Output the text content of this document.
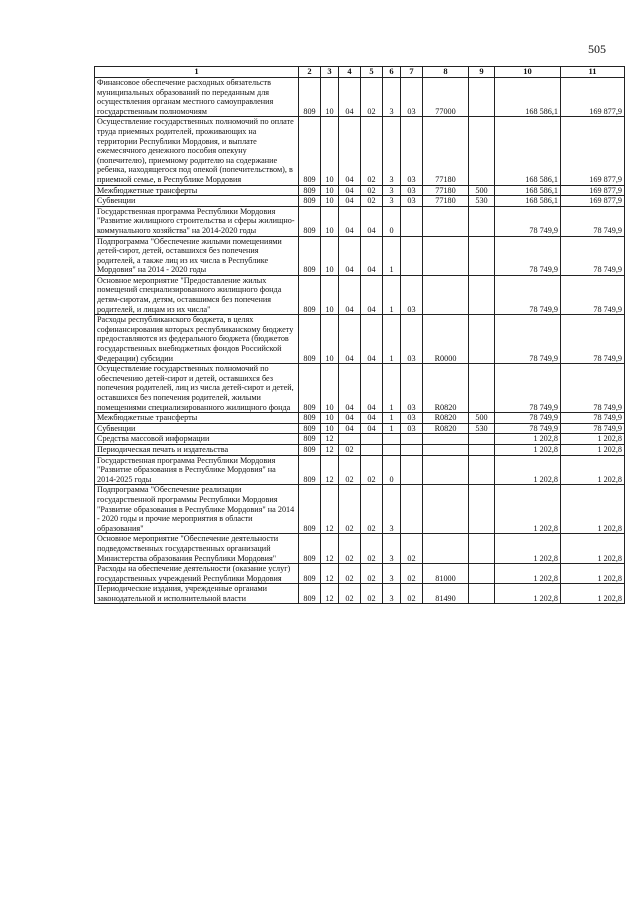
505
1	2	3	4	5	6	7	8	9	10	11
Финансовое обеспечение расходных обязательств муниципальных образований по переданным для осуществления органам местного самоуправления государственным полномочиям	809	10	04	02	3	03	77000		168 586,1	169 877,9
Осуществление государственных полномочий по оплате труда приемных родителей, проживающих на территории Республики Мордовия, и выплате ежемесячного денежного пособия опекуну (попечителю), приемному родителю на содержание ребенка, находящегося под опекой (попечительством), в приемной семье, в Республике Мордовия	809	10	04	02	3	03	77180		168 586,1	169 877,9
Межбюджетные трансферты	809	10	04	02	3	03	77180	500	168 586,1	169 877,9
Субвенции	809	10	04	02	3	03	77180	530	168 586,1	169 877,9
Государственная программа Республики Мордовия "Развитие жилищного строительства и сферы жилищно-коммунального хозяйства" на 2014-2020 годы	809	10	04	04	0				78 749,9	78 749,9
Подпрограмма "Обеспечение жилыми помещениями детей-сирот, детей, оставшихся без попечения родителей, а также лиц из их числа в Республике Мордовия" на 2014 - 2020 годы	809	10	04	04	1				78 749,9	78 749,9
Основное мероприятие "Предоставление жилых помещений специализированного жилищного фонда детям-сиротам, детям, оставшимся без попечения родителей, и лицам из их числа"	809	10	04	04	1	03			78 749,9	78 749,9
Расходы республиканского бюджета, в целях софинансирования которых республиканскому бюджету предоставляются из федерального бюджета (бюджетов государственных внебюджетных фондов Российской Федерации) субсидии	809	10	04	04	1	03	R0000		78 749,9	78 749,9
Осуществление государственных полномочий по обеспечению детей-сирот и детей, оставшихся без попечения родителей, лиц из числа детей-сирот и детей, оставшихся без попечения родителей, жилыми помещениями специализированного жилищного фонда	809	10	04	04	1	03	R0820		78 749,9	78 749,9
Межбюджетные трансферты	809	10	04	04	1	03	R0820	500	78 749,9	78 749,9
Субвенции	809	10	04	04	1	03	R0820	530	78 749,9	78 749,9
Средства массовой информации	809	12							1 202,8	1 202,8
Периодическая печать и издательства	809	12	02						1 202,8	1 202,8
Государственная программа Республики Мордовия "Развитие образования в Республике Мордовия" на 2014-2025 годы	809	12	02	02	0				1 202,8	1 202,8
Подпрограмма "Обеспечение реализации государственной программы Республики Мордовия "Развитие образования в Республике Мордовия" на 2014 - 2020 годы и прочие мероприятия в области образования"	809	12	02	02	3				1 202,8	1 202,8
Основное мероприятие "Обеспечение деятельности подведомственных государственных организаций Министерства образования Республики Мордовия"	809	12	02	02	3	02			1 202,8	1 202,8
Расходы на обеспечение деятельности (оказание услуг) государственных учреждений Республики Мордовия	809	12	02	02	3	02	81000		1 202,8	1 202,8
Периодические издания, учрежденные органами законодательной и исполнительной власти	809	12	02	02	3	02	81490		1 202,8	1 202,8
